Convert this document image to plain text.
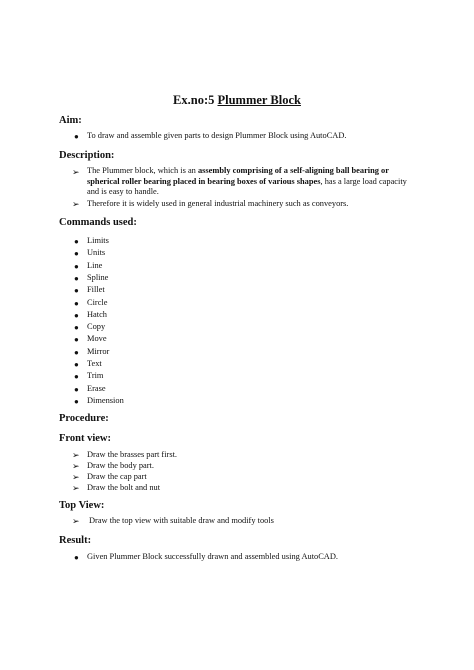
Ex.no:5 Plummer Block
Aim:
● To draw and assemble given parts to design Plummer Block using AutoCAD.
Description:
➢ The Plummer block, which is an assembly comprising of a self-aligning ball bearing or spherical roller bearing placed in bearing boxes of various shapes, has a large load capacity and is easy to handle.
➢ Therefore it is widely used in general industrial machinery such as conveyors.
Commands used:
● Limits
● Units
● Line
● Spline
● Fillet
● Circle
● Hatch
● Copy
● Move
● Mirror
● Text
● Trim
● Erase
● Dimension
Procedure:
Front view:
➢ Draw the brasses part first.
➢ Draw the body part.
➢ Draw the cap part
➢ Draw the bolt and nut
Top View:
➢ Draw the top view with suitable draw and modify tools
Result:
● Given Plummer Block successfully drawn and assembled using AutoCAD.
